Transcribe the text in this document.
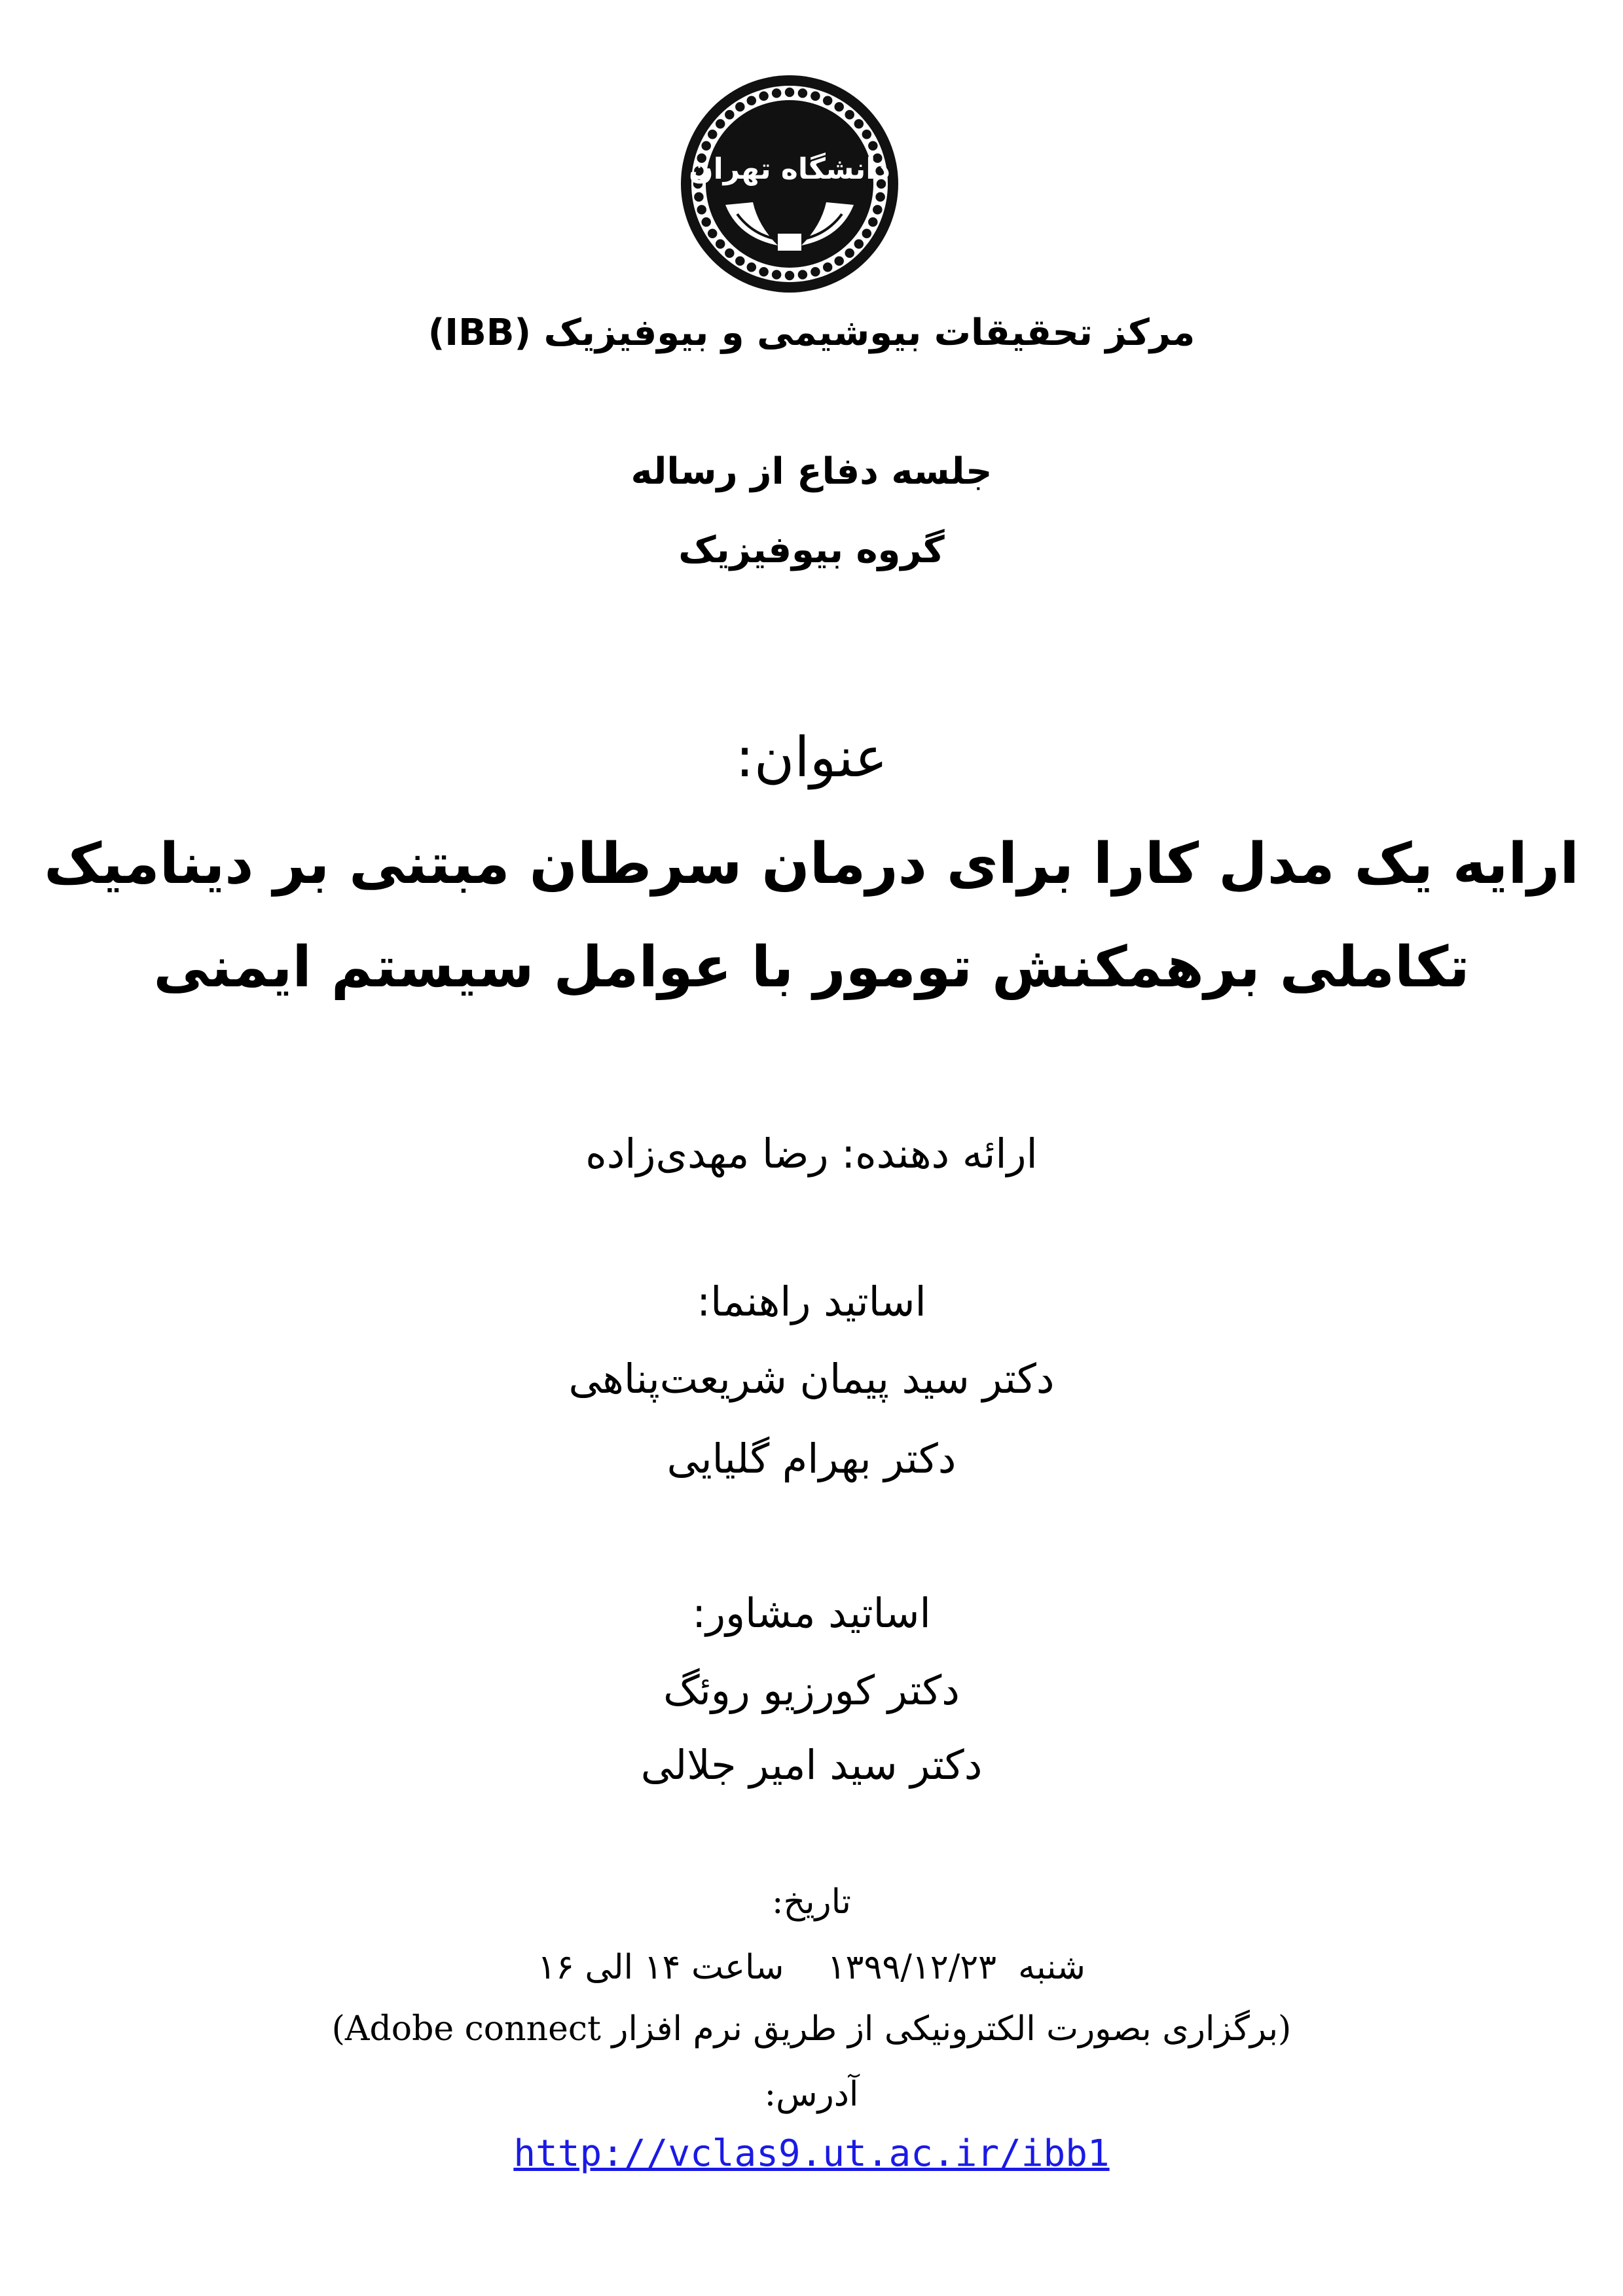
دانشگاه تهران
مرکز تحقیقات بیوشیمی و بیوفیزیک (IBB)
جلسه دفاع از رساله
گروه بیوفیزیک
عنوان:
ارایه یک مدل کارا برای درمان سرطان مبتنی بر دینامیک
تکاملی برهمکنش تومور با عوامل سیستم ایمنی
ارائه دهنده: رضا مهدی‌زاده
اساتید راهنما:
دکتر سید پیمان شریعت‌پناهی
دکتر بهرام گلیایی
اساتید مشاور:
دکتر کورزیو روئگ
دکتر سید امیر جلالی
تاریخ:
شنبه  ۱۳۹۹/۱۲/۲۳    ساعت ۱۴ الی ۱۶
(برگزاری بصورت الکترونیکی از طریق نرم افزار Adobe connect)
آدرس:
http://vclas9.ut.ac.ir/ibb1
